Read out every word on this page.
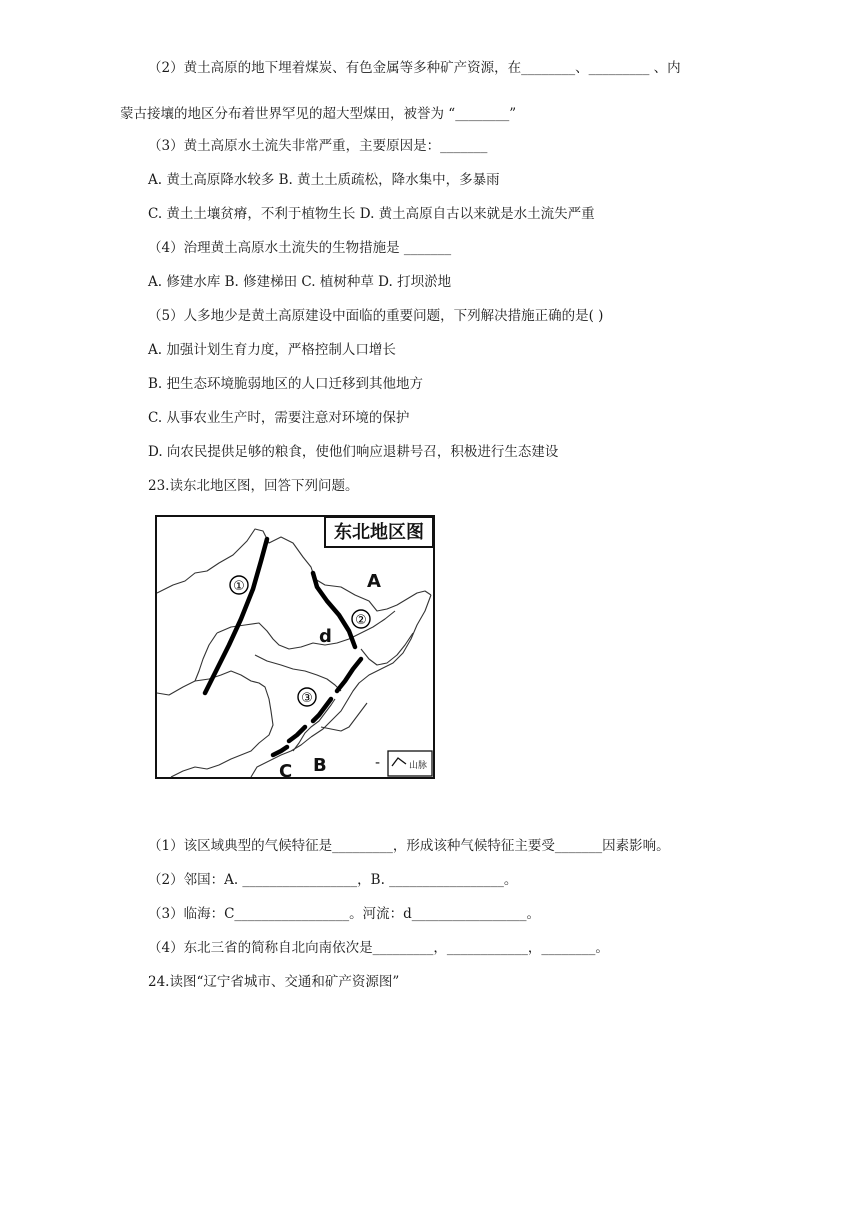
（2）黄土高原的地下埋着煤炭、有色金属等多种矿产资源，在________、_________ 、内
蒙古接壤的地区分布着世界罕见的超大型煤田，被誉为 “________”
（3）黄土高原水土流失非常严重，主要原因是：_______
A. 黄土高原降水较多 B. 黄土土质疏松，降水集中，多暴雨
C. 黄土土壤贫瘠，不利于植物生长 D. 黄土高原自古以来就是水土流失严重
（4）治理黄土高原水土流失的生物措施是 _______
A. 修建水库 B. 修建梯田 C. 植树种草 D. 打坝淤地
（5）人多地少是黄土高原建设中面临的重要问题，下列解决措施正确的是( )
A. 加强计划生育力度，严格控制人口增长
B. 把生态环境脆弱地区的人口迁移到其他地方
C. 从事农业生产时，需要注意对环境的保护
D. 向农民提供足够的粮食，使他们响应退耕号召，积极进行生态建设
23.读东北地区图，回答下列问题。
东北地区图
①
②
③
A
d
B
C	-	山脉
（1）该区域典型的气候特征是_________，形成该种气候特征主要受_______因素影响。
（2）邻国：A. _________________，B. _________________。
（3）临海：C_________________。河流：d_________________。
（4）东北三省的简称自北向南依次是_________，____________，________。
24.读图“辽宁省城市、交通和矿产资源图”
